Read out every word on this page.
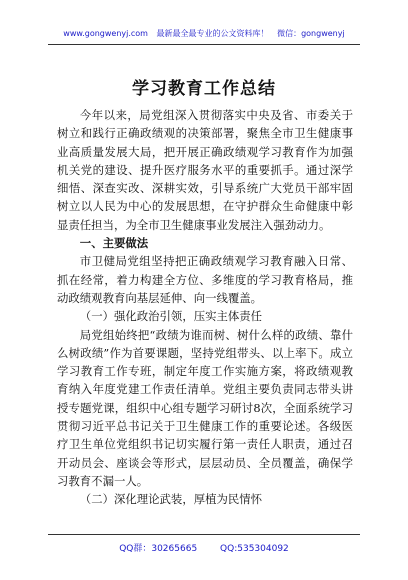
www.gongwenyj.com 最新最全最专业的公文资料库！ 微信：gongwenyj
学习教育工作总结

今年以来，局党组深入贯彻落实中央及省、市委关于树立和践行正确政绩观的决策部署，聚焦全市卫生健康事业高质量发展大局，把开展正确政绩观学习教育作为加强机关党的建设、提升医疗服务水平的重要抓手。通过深学细悟、深查实改、深耕实效，引导系统广大党员干部牢固树立以人民为中心的发展思想，在守护群众生命健康中彰显责任担当，为全市卫生健康事业发展注入强劲动力。

一、主要做法

市卫健局党组坚持把正确政绩观学习教育融入日常、抓在经常，着力构建全方位、多维度的学习教育格局，推动政绩观教育向基层延伸、向一线覆盖。

（一）强化政治引领，压实主体责任

局党组始终把“政绩为谁而树、树什么样的政绩、靠什么树政绩”作为首要课题，坚持党组带头、以上率下。成立学习教育工作专班，制定年度工作实施方案，将政绩观教育纳入年度党建工作责任清单。党组主要负责同志带头讲授专题党课，组织中心组专题学习研讨8次，全面系统学习贯彻习近平总书记关于卫生健康工作的重要论述。各级医疗卫生单位党组织书记切实履行第一责任人职责，通过召开动员会、座谈会等形式，层层动员、全员覆盖，确保学习教育不漏一人。

（二）深化理论武装，厚植为民情怀
QQ群：30265665	QQ:535304092
